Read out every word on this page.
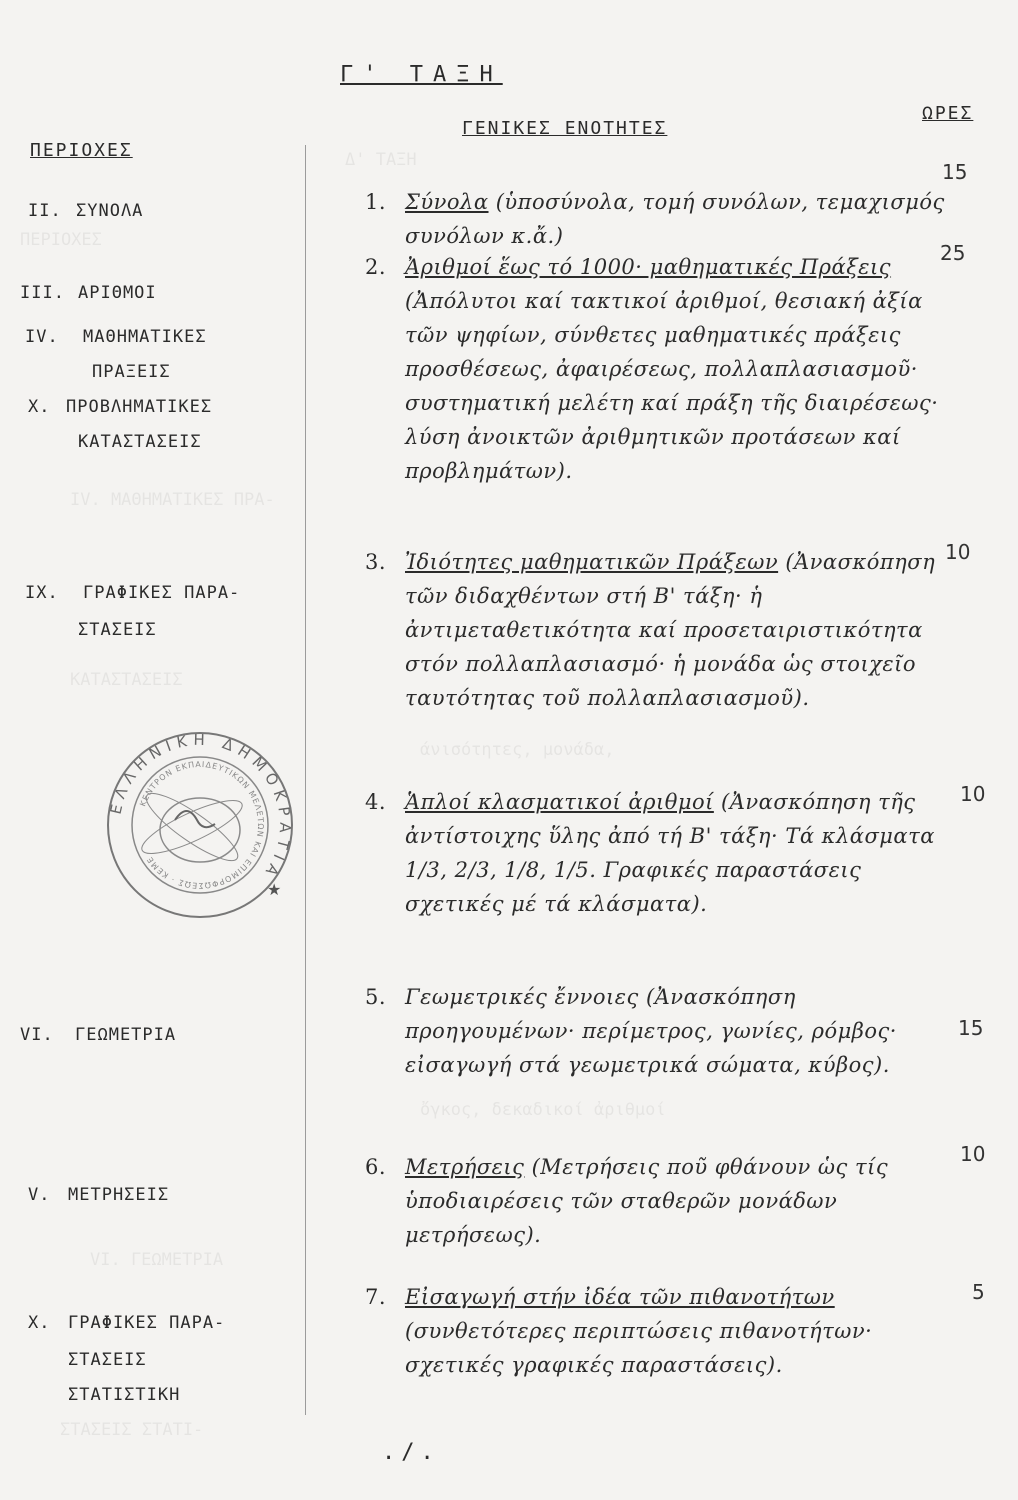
Δ' ΤΑΞΗ
ΠΕΡΙΟΧΕΣ
IV. ΜΑΘΗΜΑΤΙΚΕΣ ΠΡΑ-
ΚΑΤΑΣΤΑΣΕΙΣ
άνισότητες, μονάδα,
ὄγκος, δεκαδικοί ἀριθμοί
VI. ΓΕΩΜΕΤΡΙΑ
ΣΤΑΣΕΙΣ ΣΤΑΤΙ-
Γ' ΤΑΞΗ
ΠΕΡΙΟΧΕΣ
ΓΕΝΙΚΕΣ ΕΝΟΤΗΤΕΣ
ΩΡΕΣ
II. ΣΥΝΟΛΑ
III. ΑΡΙΘΜΟΙ
IV. ΜΑΘΗΜΑΤΙΚΕΣ
ΠΡΑΞΕΙΣ
X. ΠΡΟΒΛΗΜΑΤΙΚΕΣ
ΚΑΤΑΣΤΑΣΕΙΣ
IX. ΓΡΑΦΙΚΕΣ ΠΑΡΑ-
ΣΤΑΣΕΙΣ
VI. ΓΕΩΜΕΤΡΙΑ
V. ΜΕΤΡΗΣΕΙΣ
X. ΓΡΑΦΙΚΕΣ ΠΑΡΑ-
ΣΤΑΣΕΙΣ
ΣΤΑΤΙΣΤΙΚΗ
ΕΛΛΗΝΙΚΗ ΔΗΜΟΚΡΑΤΙΑ
ΚΕΝΤΡΟΝ ΕΚΠΑΙΔΕΥΤΙΚΩΝ ΜΕΛΕΤΩΝ ΚΑΙ ΕΠΙΜΟΡΦΩΣΕΩΣ · ΚΕΜΕ
★
1. Σύνολα (ὑποσύνολα, τομή συνόλων, τεμαχισμός συνόλων κ.ἄ.)
2. Ἀριθμοί ἕως τό 1000· μαθηματικές Πράξεις (Ἀπόλυτοι καί τακτικοί ἀριθμοί, θεσιακή ἀξία τῶν ψηφίων, σύνθετες μαθηματικές πράξεις προσθέσεως, ἀφαιρέσεως, πολλαπλασιασμοῦ· συστηματική μελέτη καί πράξη τῆς διαιρέσεως· λύση ἀνοικτῶν ἀριθμητικῶν προτάσεων καί προβλημάτων).
3. Ἰδιότητες μαθηματικῶν Πράξεων (Ἀνασκόπηση τῶν διδαχθέντων στή Β' τάξη· ἡ ἀντιμεταθετικότητα καί προσεταιριστικότητα στόν πολλαπλασιασμό· ἡ μονάδα ὡς στοιχεῖο ταυτότητας τοῦ πολλαπλασιασμοῦ).
4. Ἁπλοί κλασματικοί ἀριθμοί (Ἀνασκόπηση τῆς ἀντίστοιχης ὕλης ἀπό τή Β' τάξη· Τά κλάσματα 1/3, 2/3, 1/8, 1/5. Γραφικές παραστάσεις σχετικές μέ τά κλάσματα).
5. Γεωμετρικές ἔννοιες (Ἀνασκόπηση προηγουμένων· περίμετρος, γωνίες, ρόμβος· εἰσαγωγή στά γεωμετρικά σώματα, κύβος).
6. Μετρήσεις (Μετρήσεις ποῦ φθάνουν ὡς τίς ὑποδιαιρέσεις τῶν σταθερῶν μονάδων μετρήσεως).
7. Εἰσαγωγή στήν ἰδέα τῶν πιθανοτήτων (συνθετότερες περιπτώσεις πιθανοτήτων· σχετικές γραφικές παραστάσεις).
15
25
10
10
15
10
5
./.
